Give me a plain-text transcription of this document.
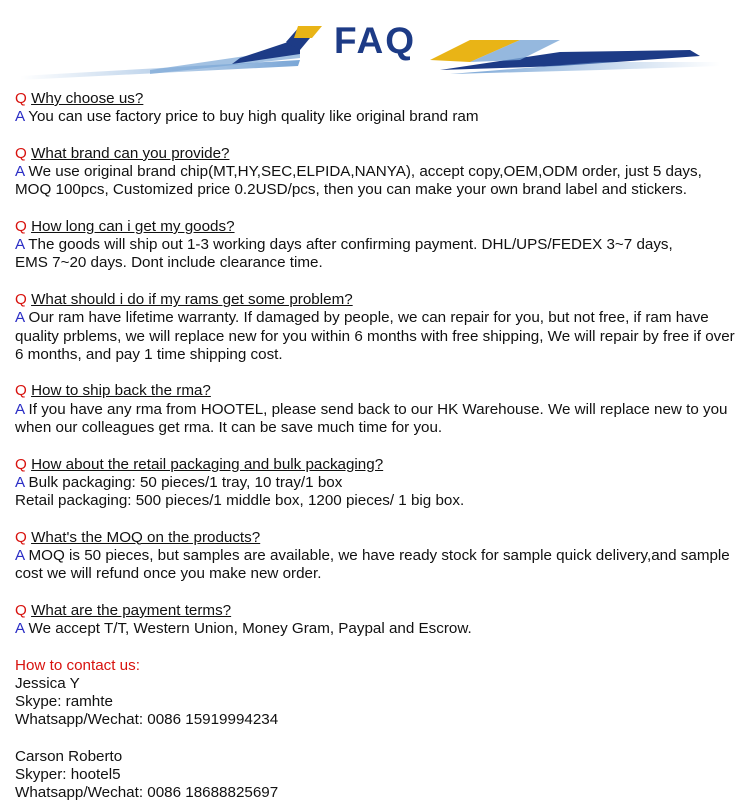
FAQ
Q Why choose us?
A You can use factory price to buy high quality like original brand ram
Q What brand can you provide?
A We use original brand chip(MT,HY,SEC,ELPIDA,NANYA), accept copy,OEM,ODM order, just 5 days,
MOQ 100pcs, Customized price 0.2USD/pcs, then you can make your own brand label and stickers.
Q How long can i get my goods?
A The goods will ship out 1-3 working days after confirming payment. DHL/UPS/FEDEX 3~7 days,
EMS 7~20 days. Dont include clearance time.
Q What should i do if my rams get some problem?
A Our ram have lifetime warranty. If damaged by people, we can repair for you, but not free, if ram have
quality prblems, we will replace new for you within 6 months with free shipping, We will repair by free if over
6 months, and pay 1 time shipping cost.
Q How to ship back the rma?
A If you have any rma from HOOTEL, please send back to our HK Warehouse. We will replace new to you
when our colleagues get rma. It can be save much time for you.
Q How about the retail packaging and bulk packaging?
A Bulk packaging: 50 pieces/1 tray, 10 tray/1 box
Retail packaging: 500 pieces/1 middle box, 1200 pieces/ 1 big box.
Q What's the MOQ on the products?
A MOQ is 50 pieces, but samples are available, we have ready stock for sample quick delivery,and sample
cost we will refund once you make new order.
Q What are the payment terms?
A We accept T/T, Western Union, Money Gram, Paypal and Escrow.
How to contact us:
Jessica Y
Skype: ramhte
Whatsapp/Wechat: 0086 15919994234
Carson Roberto
Skyper: hootel5
Whatsapp/Wechat: 0086 18688825697
